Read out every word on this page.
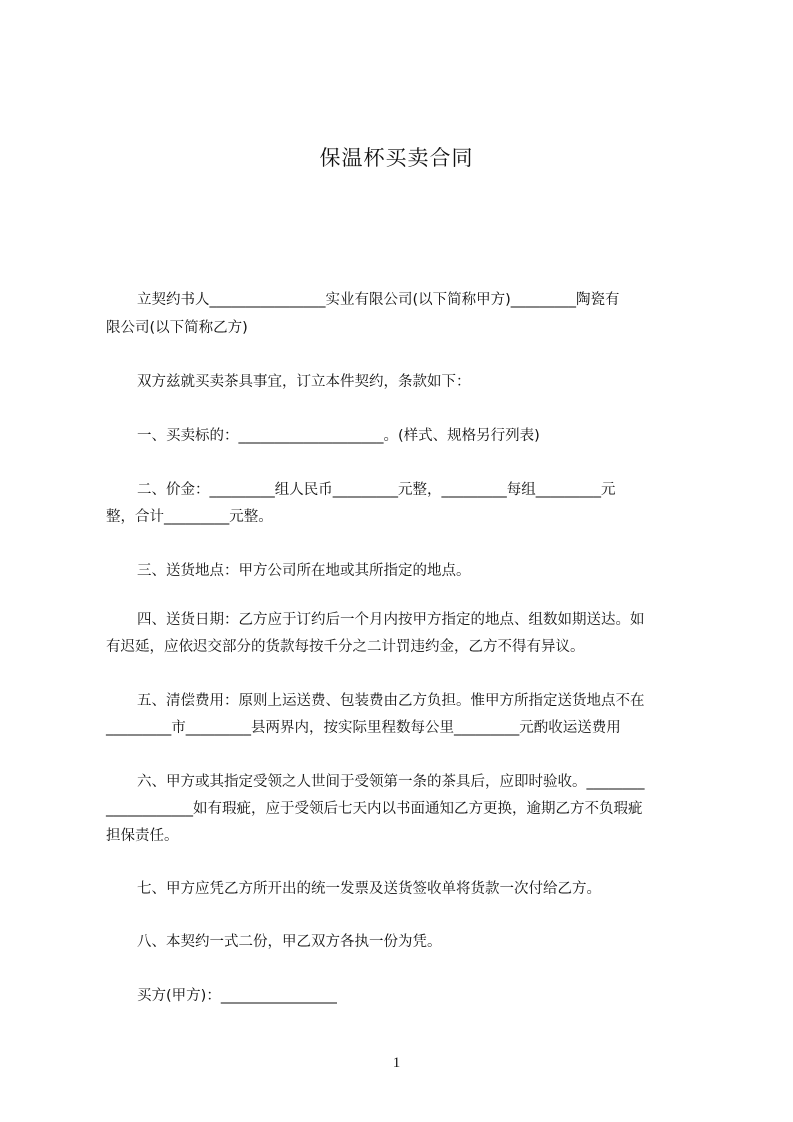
保温杯买卖合同
立契约书人________________实业有限公司(以下简称甲方)_________陶瓷有
限公司(以下简称乙方)
双方兹就买卖茶具事宜，订立本件契约，条款如下：
一、买卖标的：____________________。(样式、规格另行列表)
二、价金：_________组人民币_________元整，_________每组_________元
整，合计_________元整。
三、送货地点：甲方公司所在地或其所指定的地点。
四、送货日期：乙方应于订约后一个月内按甲方指定的地点、组数如期送达。如
有迟延，应依迟交部分的货款每按千分之二计罚违约金，乙方不得有异议。
五、清偿费用：原则上运送费、包装费由乙方负担。惟甲方所指定送货地点不在
_________市_________县两界内，按实际里程数每公里_________元酌收运送费用
六、甲方或其指定受领之人世间于受领第一条的茶具后，应即时验收。________
____________如有瑕疵，应于受领后七天内以书面通知乙方更换，逾期乙方不负瑕疵
担保责任。
七、甲方应凭乙方所开出的统一发票及送货签收单将货款一次付给乙方。
八、本契约一式二份，甲乙双方各执一份为凭。
买方(甲方)：________________
1
